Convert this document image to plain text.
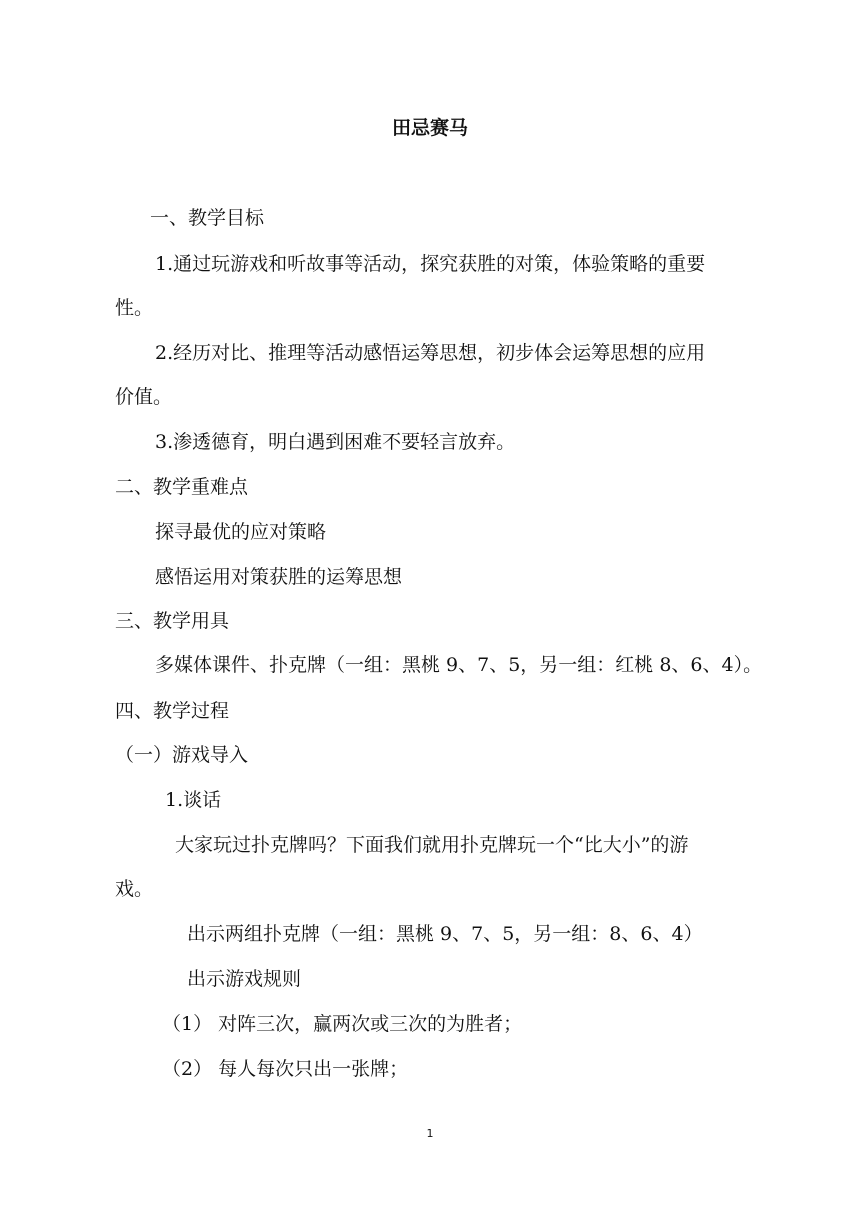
田忌赛马

一、教学目标

1.通过玩游戏和听故事等活动，探究获胜的对策，体验策略的重要

性。

2.经历对比、推理等活动感悟运筹思想，初步体会运筹思想的应用

价值。

3.渗透德育，明白遇到困难不要轻言放弃。

二、教学重难点

探寻最优的应对策略

感悟运用对策获胜的运筹思想

三、教学用具

多媒体课件、扑克牌（一组：黑桃 9、7、5，另一组：红桃 8、6、4）。

四、教学过程

（一）游戏导入

1.谈话

大家玩过扑克牌吗？下面我们就用扑克牌玩一个“比大小”的游

戏。

出示两组扑克牌（一组：黑桃 9、7、5，另一组：8、6、4）

出示游戏规则

（1） 对阵三次，赢两次或三次的为胜者；

（2） 每人每次只出一张牌；

1
